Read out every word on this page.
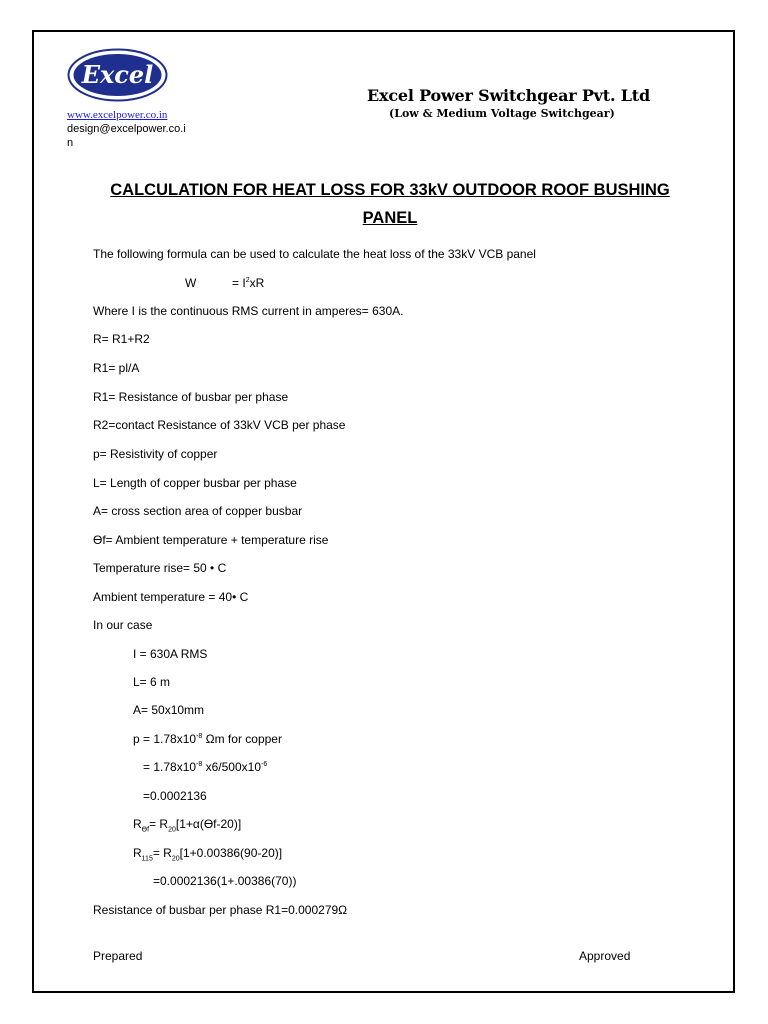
Excel
Excel Power Switchgear Pvt. Ltd
(Low & Medium Voltage Switchgear)
www.excelpower.co.in
design@excelpower.co.in
CALCULATION FOR HEAT LOSS FOR 33kV OUTDOOR ROOF BUSHING
PANEL
The following formula can be used to calculate the heat loss of the 33kV VCB panel
W	= $I^2xR$
Where I is the continuous RMS current in amperes= 630A.
R= R1+R2
R1= pl/A
R1= Resistance of busbar per phase
R2=contact Resistance of 33kV VCB per phase
p= Resistivity of copper
L= Length of copper busbar per phase
A= cross section area of copper busbar
ϴf= Ambient temperature + temperature rise
Temperature rise= 50 • C
Ambient temperature = 40• C
In our case
I = 630A RMS
L= 6 m
A= 50x10mm
$p = 1.78x10^{-8}$ Ωm for copper
= $1.78x10^{-8}$ $x6/500x10^{-6}$
=0.0002136
$R_{ϴf}= R_{20}[1+\alpha(ϴf-20)]$
$R_{115}= R_{20}[1+0.00386(90-20)]$
=0.0002136(1+.00386(70))
Resistance of busbar per phase R1=0.000279Ω
Prepared	Approved
